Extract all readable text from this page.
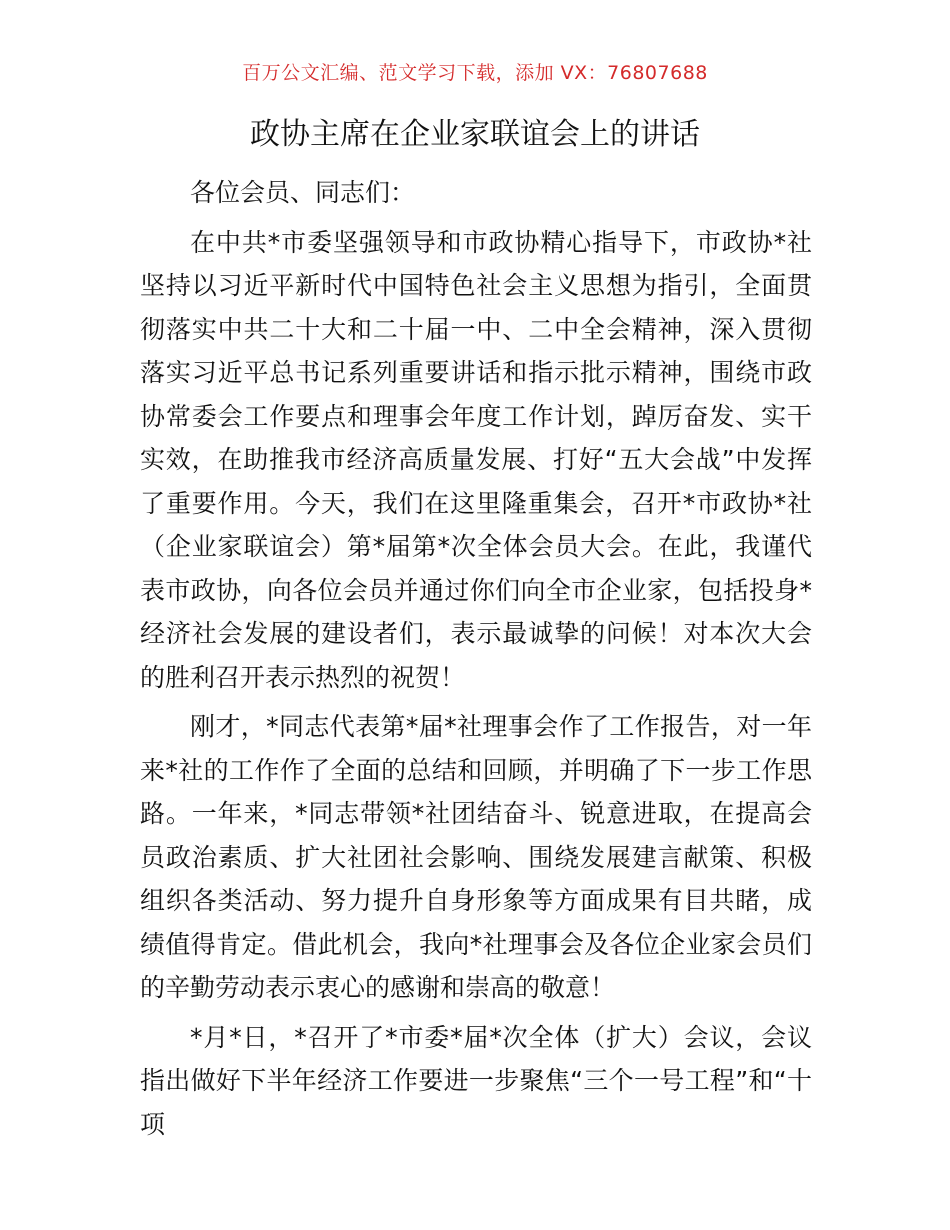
百万公文汇编、范文学习下载，添加 VX：76807688
政协主席在企业家联谊会上的讲话

各位会员、同志们：

在中共*市委坚强领导和市政协精心指导下，市政协*社坚持以习近平新时代中国特色社会主义思想为指引，全面贯彻落实中共二十大和二十届一中、二中全会精神，深入贯彻落实习近平总书记系列重要讲话和指示批示精神，围绕市政协常委会工作要点和理事会年度工作计划，踔厉奋发、实干实效，在助推我市经济高质量发展、打好“五大会战”中发挥了重要作用。今天，我们在这里隆重集会，召开*市政协*社（企业家联谊会）第*届第*次全体会员大会。在此，我谨代表市政协，向各位会员并通过你们向全市企业家，包括投身*经济社会发展的建设者们，表示最诚挚的问候！对本次大会的胜利召开表示热烈的祝贺！

刚才，*同志代表第*届*社理事会作了工作报告，对一年来*社的工作作了全面的总结和回顾，并明确了下一步工作思路。一年来，*同志带领*社团结奋斗、锐意进取，在提高会员政治素质、扩大社团社会影响、围绕发展建言献策、积极组织各类活动、努力提升自身形象等方面成果有目共睹，成绩值得肯定。借此机会，我向*社理事会及各位企业家会员们的辛勤劳动表示衷心的感谢和崇高的敬意！

*月*日，*召开了*市委*届*次全体（扩大）会议，会议指出做好下半年经济工作要进一步聚焦“三个一号工程”和“十项
